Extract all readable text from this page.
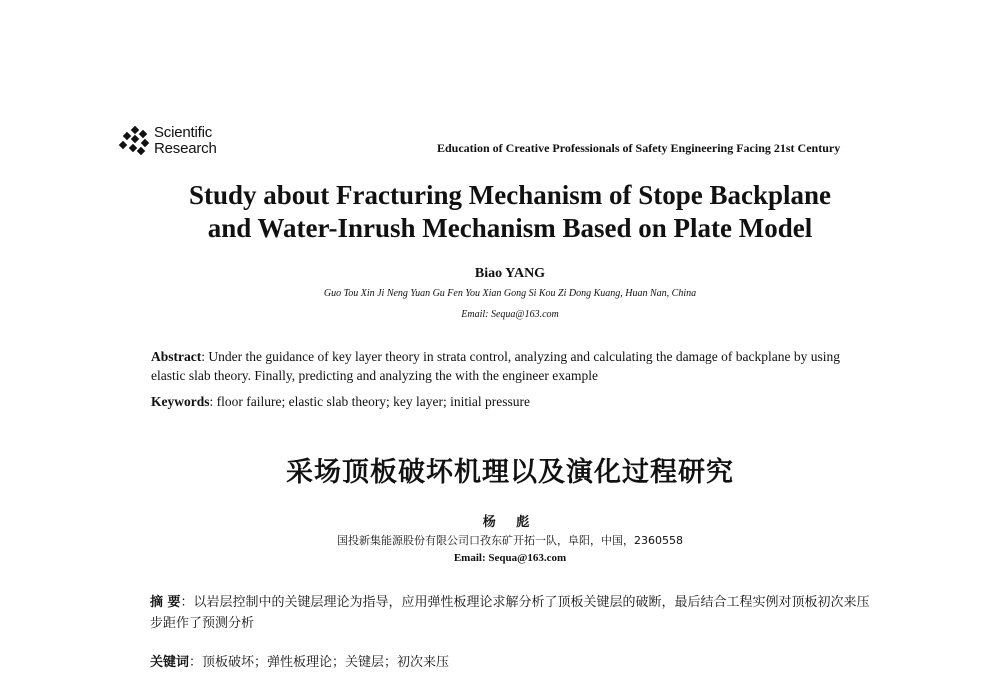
Scientific
Research	Education of Creative Professionals of Safety Engineering Facing 21st Century
Study about Fracturing Mechanism of Stope Backplane
and Water-Inrush Mechanism Based on Plate Model
Biao YANG
Guo Tou Xin Ji Neng Yuan Gu Fen You Xian Gong Si Kou Zi Dong Kuang, Huan Nan, China
Email: Sequa@163.com
Abstract: Under the guidance of key layer theory in strata control, analyzing and calculating the damage of backplane by using elastic slab theory. Finally, predicting and analyzing the with the engineer example
Keywords: floor failure; elastic slab theory; key layer; initial pressure
采场顶板破坏机理以及演化过程研究
杨 彪
国投新集能源股份有限公司口孜东矿开拓一队，阜阳，中国，2360558
Email: Sequa@163.com
摘 要：以岩层控制中的关键层理论为指导，应用弹性板理论求解分析了顶板关键层的破断，最后结合工程实例对顶板初次来压步距作了预测分析
关键词：顶板破坏；弹性板理论；关键层；初次来压
